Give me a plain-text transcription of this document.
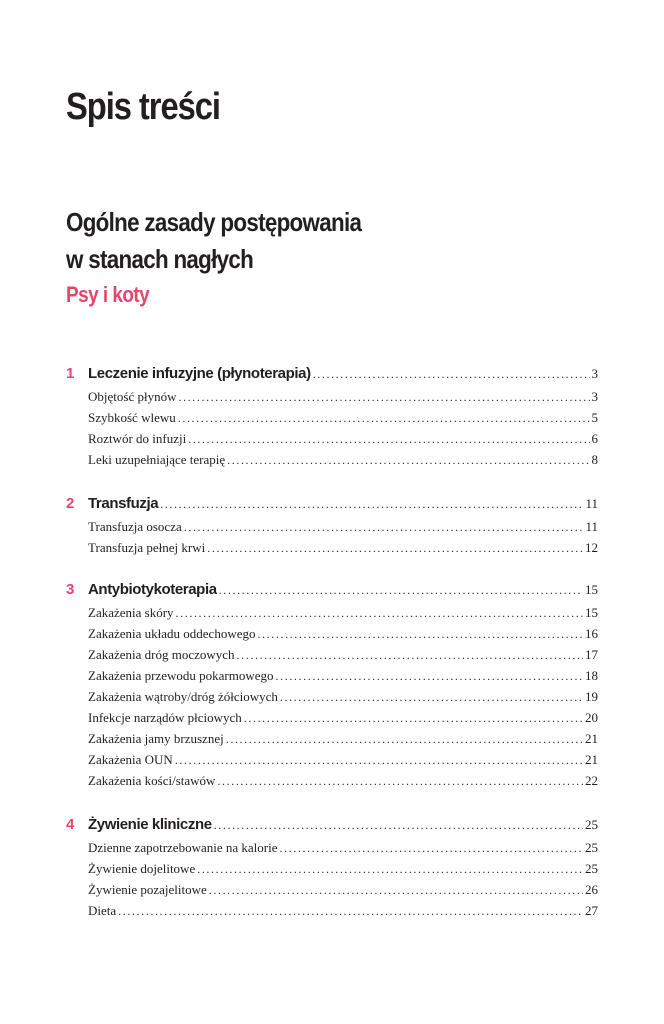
Spis treści
Ogólne zasady postępowania
w stanach nagłych
Psy i koty
1 Leczenie infuzyjne (płynoterapia) .....	3
Objętość płynów .....	3
Szybkość wlewu .....	5
Roztwór do infuzji .....	6
Leki uzupełniające terapię .....	8
2 Transfuzja .....	11
Transfuzja osocza .....	11
Transfuzja pełnej krwi .....	12
3 Antybiotykoterapia .....	15
Zakażenia skóry .....	15
Zakażenia układu oddechowego .....	16
Zakażenia dróg moczowych .....	17
Zakażenia przewodu pokarmowego .....	18
Zakażenia wątroby/dróg żółciowych .....	19
Infekcje narządów płciowych .....	20
Zakażenia jamy brzusznej .....	21
Zakażenia OUN .....	21
Zakażenia kości/stawów .....	22
4 Żywienie kliniczne .....	25
Dzienne zapotrzebowanie na kalorie .....	25
Żywienie dojelitowe .....	25
Żywienie pozajelitowe .....	26
Dieta .....	27
